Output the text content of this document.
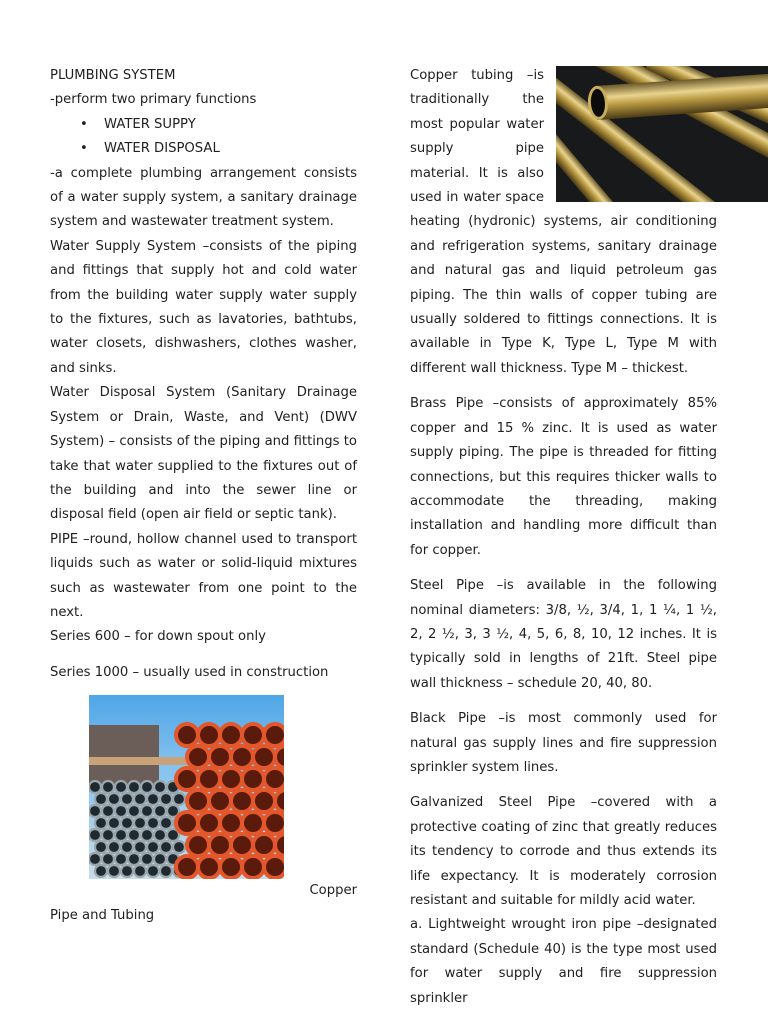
PLUMBING SYSTEM
-perform two primary functions
• WATER SUPPY
• WATER DISPOSAL

-a complete plumbing arrangement consists of a water supply system, a sanitary drainage system and wastewater treatment system.

Water Supply System –consists of the piping and fittings that supply hot and cold water from the building water supply water supply to the fixtures, such as lavatories, bathtubs, water closets, dishwashers, clothes washer, and sinks.

Water Disposal System (Sanitary Drainage System or Drain, Waste, and Vent) (DWV System) – consists of the piping and fittings to take that water supplied to the fixtures out of the building and into the sewer line or disposal field (open air field or septic tank).

PIPE –round, hollow channel used to transport liquids such as water or solid-liquid mixtures such as wastewater from one point to the next.

Series 600 – for down spout only

Series 1000 – usually used in construction

Copper
Pipe and Tubing

Copper tubing –is traditionally the most popular water supply pipe material. It is also used in water space heating (hydronic) systems, air conditioning and refrigeration systems, sanitary drainage and natural gas and liquid petroleum gas piping. The thin walls of copper tubing are usually soldered to fittings connections. It is available in Type K, Type L, Type M with different wall thickness. Type M – thickest.

Brass Pipe –consists of approximately 85% copper and 15 % zinc. It is used as water supply piping. The pipe is threaded for fitting connections, but this requires thicker walls to accommodate the threading, making installation and handling more difficult than for copper.

Steel Pipe –is available in the following nominal diameters: 3/8, ½, 3/4, 1, 1 ¼, 1 ½, 2, 2 ½, 3, 3 ½, 4, 5, 6, 8, 10, 12 inches. It is typically sold in lengths of 21ft. Steel pipe wall thickness – schedule 20, 40, 80.

Black Pipe –is most commonly used for natural gas supply lines and fire suppression sprinkler system lines.

Galvanized Steel Pipe –covered with a protective coating of zinc that greatly reduces its tendency to corrode and thus extends its life expectancy. It is moderately corrosion resistant and suitable for mildly acid water.

a. Lightweight wrought iron pipe –designated standard (Schedule 40) is the type most used for water supply and fire suppression sprinkler
